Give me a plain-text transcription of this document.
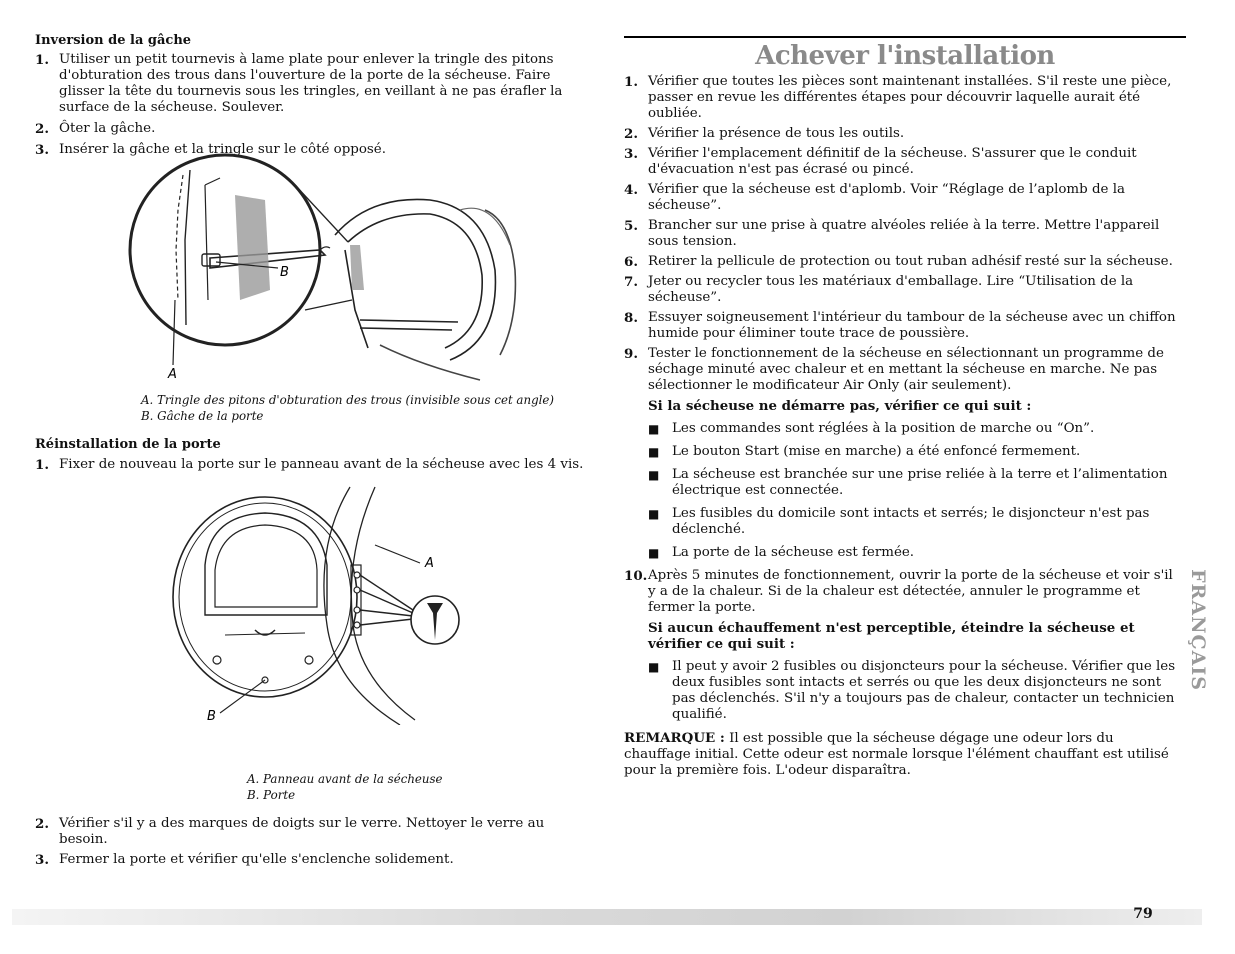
Inversion de la gâche

1. Utiliser un petit tournevis à lame plate pour enlever la tringle des pitons d'obturation des trous dans l'ouverture de la porte de la sécheuse. Faire glisser la tête du tournevis sous les tringles, en veillant à ne pas érafler la surface de la sécheuse. Soulever.
2. Ôter la gâche.
3. Insérer la gâche et la tringle sur le côté opposé.
A
B
A. Tringle des pitons d'obturation des trous (invisible sous cet angle)
B. Gâche de la porte

Réinstallation de la porte

1. Fixer de nouveau la porte sur le panneau avant de la sécheuse avec les 4 vis.
A
B
A. Panneau avant de la sécheuse
B. Porte
2. Vérifier s'il y a des marques de doigts sur le verre. Nettoyer le verre au besoin.
3. Fermer la porte et vérifier qu'elle s'enclenche solidement.
Achever l'installation
1. Vérifier que toutes les pièces sont maintenant installées. S'il reste une pièce, passer en revue les différentes étapes pour découvrir laquelle aurait été oubliée.
2. Vérifier la présence de tous les outils.
3. Vérifier l'emplacement définitif de la sécheuse. S'assurer que le conduit d'évacuation n'est pas écrasé ou pincé.
4. Vérifier que la sécheuse est d'aplomb. Voir “Réglage de l’aplomb de la sécheuse”.
5. Brancher sur une prise à quatre alvéoles reliée à la terre. Mettre l'appareil sous tension.
6. Retirer la pellicule de protection ou tout ruban adhésif resté sur la sécheuse.
7. Jeter ou recycler tous les matériaux d'emballage. Lire “Utilisation de la sécheuse”.
8. Essuyer soigneusement l'intérieur du tambour de la sécheuse avec un chiffon humide pour éliminer toute trace de poussière.
9. Tester le fonctionnement de la sécheuse en sélectionnant un programme de séchage minuté avec chaleur et en mettant la sécheuse en marche. Ne pas sélectionner le modificateur Air Only (air seulement).
Si la sécheuse ne démarre pas, vérifier ce qui suit :
■ Les commandes sont réglées à la position de marche ou “On”.
■ Le bouton Start (mise en marche) a été enfoncé fermement.
■ La sécheuse est branchée sur une prise reliée à la terre et l’alimentation électrique est connectée.
■ Les fusibles du domicile sont intacts et serrés; le disjoncteur n'est pas déclenché.
■ La porte de la sécheuse est fermée.
10. Après 5 minutes de fonctionnement, ouvrir la porte de la sécheuse et voir s'il y a de la chaleur. Si de la chaleur est détectée, annuler le programme et fermer la porte.
Si aucun échauffement n'est perceptible, éteindre la sécheuse et vérifier ce qui suit :
■ Il peut y avoir 2 fusibles ou disjoncteurs pour la sécheuse. Vérifier que les deux fusibles sont intacts et serrés ou que les deux disjoncteurs ne sont pas déclenchés. S'il n'y a toujours pas de chaleur, contacter un technicien qualifié.

REMARQUE : Il est possible que la sécheuse dégage une odeur lors du chauffage initial. Cette odeur est normale lorsque l'élément chauffant est utilisé pour la première fois. L'odeur disparaîtra.

FRANÇAIS
79
